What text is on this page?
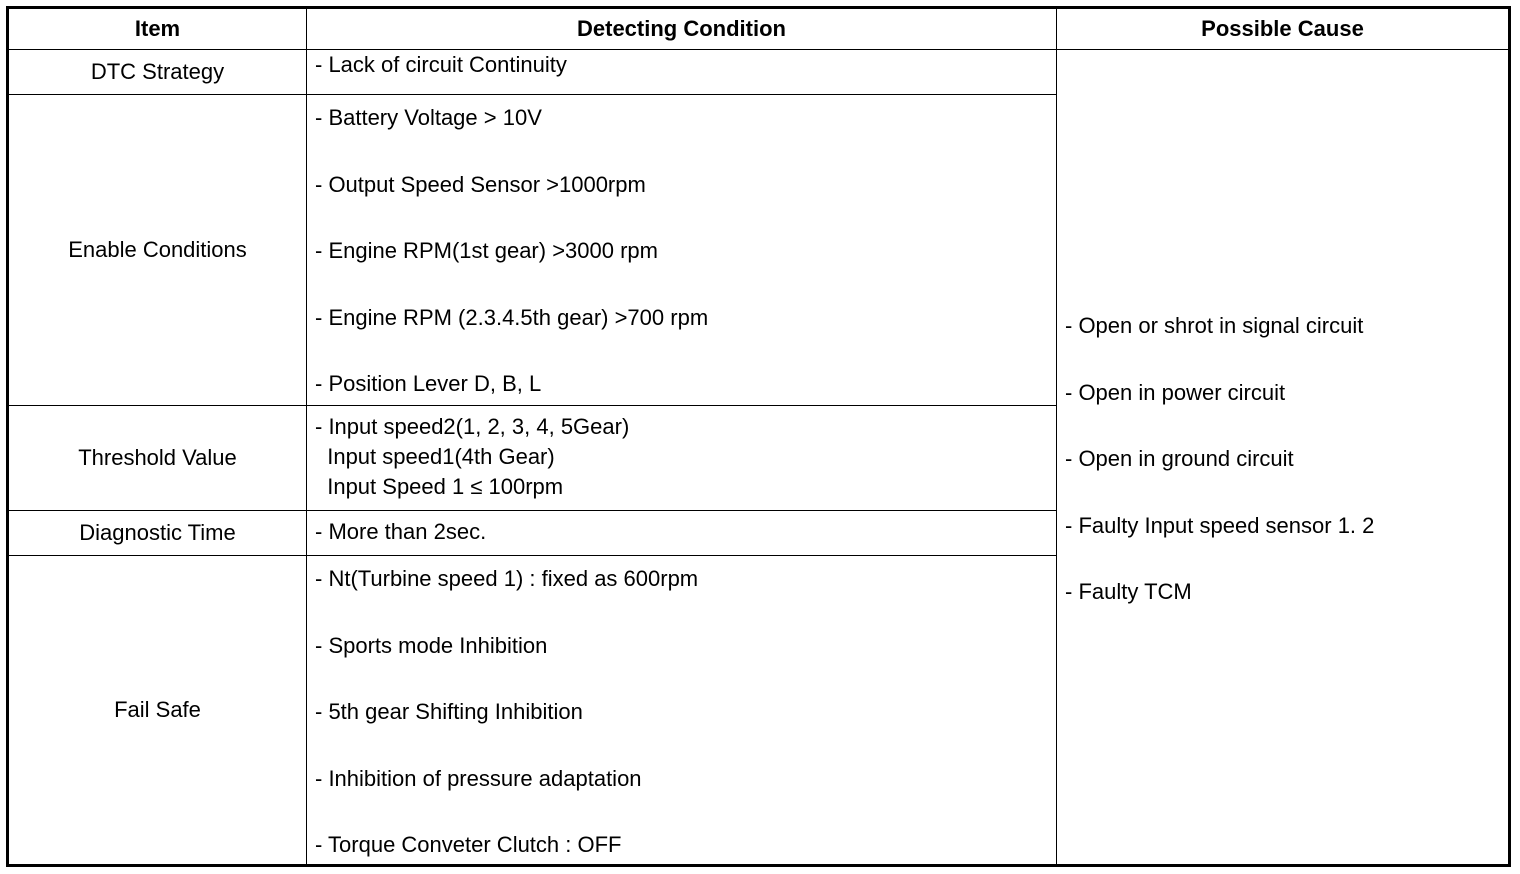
Item	Detecting Condition	Possible Cause
DTC Strategy	- Lack of circuit Continuity	- Open or shrot in signal circuit
- Open in power circuit
- Open in ground circuit
- Faulty Input speed sensor 1. 2
- Faulty TCM

Enable Conditions	- Battery Voltage > 10V
- Output Speed Sensor >1000rpm
- Engine RPM(1st gear) >3000 rpm
- Engine RPM (2.3.4.5th gear) >700 rpm
- Position Lever D, B, L	

Threshold Value	- Input speed2(1, 2, 3, 4, 5Gear)
Input speed1(4th Gear)
Input Speed 1 ≤ 100rpm	

Diagnostic Time	- More than 2sec.	

Fail Safe	- Nt(Turbine speed 1) : fixed as 600rpm
- Sports mode Inhibition
- 5th gear Shifting Inhibition
- Inhibition of pressure adaptation
- Torque Conveter Clutch : OFF	
